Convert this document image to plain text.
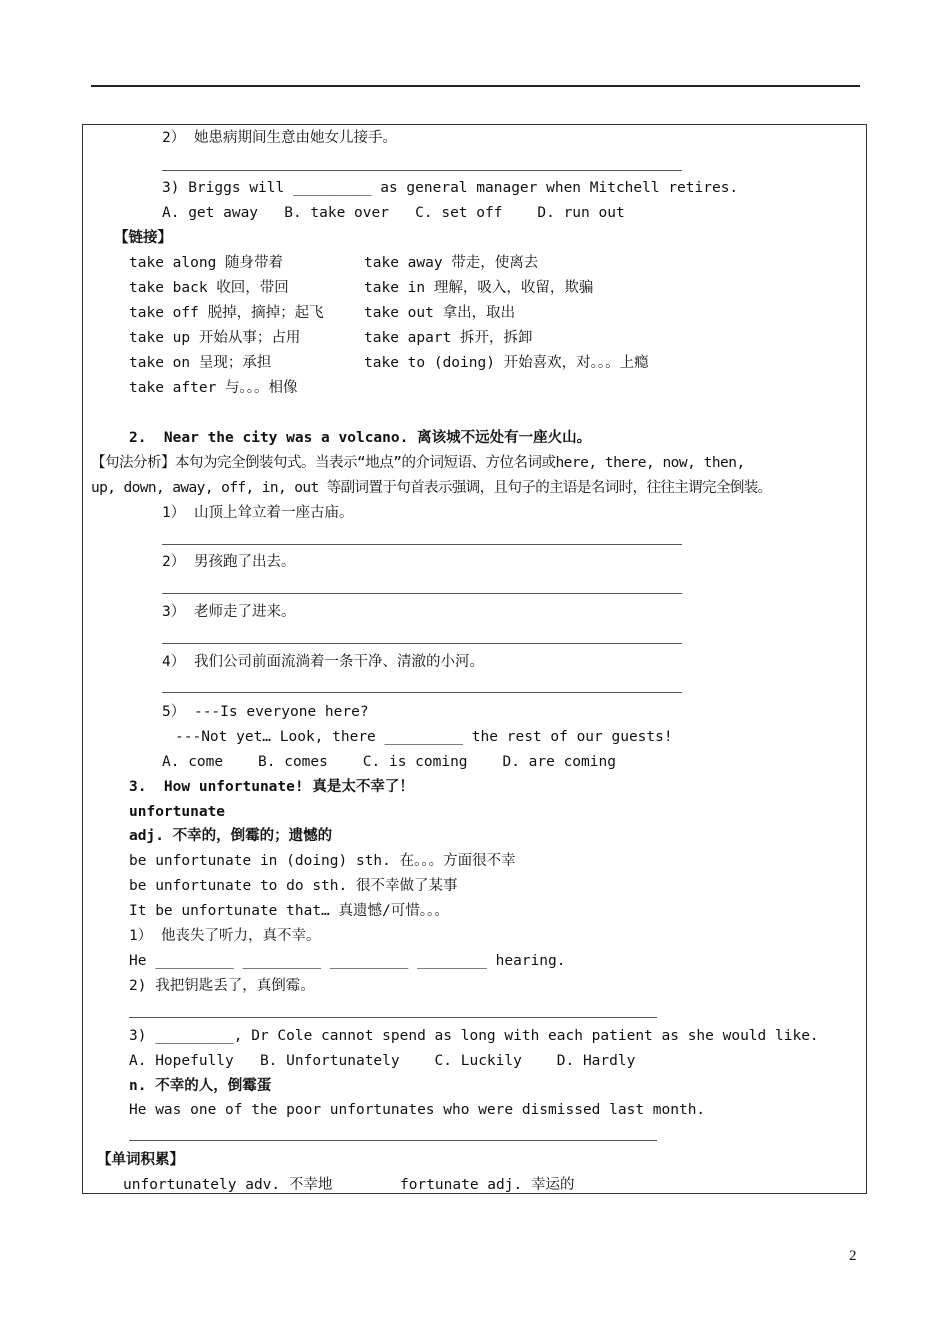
2） 她患病期间生意由她女儿接手。
3) Briggs will _________ as general manager when Mitchell retires.
A. get away   B. take over   C. set off    D. run out
【链接】
take along 随身带着	take away 带走，使离去
take back 收回，带回	take in 理解，吸入，收留，欺骗
take off 脱掉，摘掉；起飞	take out 拿出，取出
take up 开始从事；占用	take apart 拆开，拆卸
take on 呈现；承担	take to (doing) 开始喜欢，对。。。上瘾
take after 与。。。相像
2.  Near the city was a volcano. 离该城不远处有一座火山。
【句法分析】本句为完全倒装句式。当表示“地点”的介词短语、方位名词或here, there, now, then,
up, down, away, off, in, out 等副词置于句首表示强调，且句子的主语是名词时，往往主谓完全倒装。
1） 山顶上耸立着一座古庙。
2） 男孩跑了出去。
3） 老师走了进来。
4） 我们公司前面流淌着一条干净、清澈的小河。
5） ---Is everyone here?
---Not yet… Look, there _________ the rest of our guests!
A. come    B. comes    C. is coming    D. are coming
3.  How unfortunate! 真是太不幸了！
unfortunate
adj. 不幸的，倒霉的；遗憾的
be unfortunate in (doing) sth. 在。。。方面很不幸
be unfortunate to do sth. 很不幸做了某事
It be unfortunate that… 真遗憾/可惜。。。
1） 他丧失了听力，真不幸。
He _________ _________ _________ ________ hearing.
2) 我把钥匙丢了，真倒霉。
3) _________, Dr Cole cannot spend as long with each patient as she would like.
A. Hopefully   B. Unfortunately    C. Luckily    D. Hardly
n. 不幸的人，倒霉蛋
He was one of the poor unfortunates who were dismissed last month.
【单词积累】
unfortunately adv. 不幸地	fortunate adj. 幸运的
2
